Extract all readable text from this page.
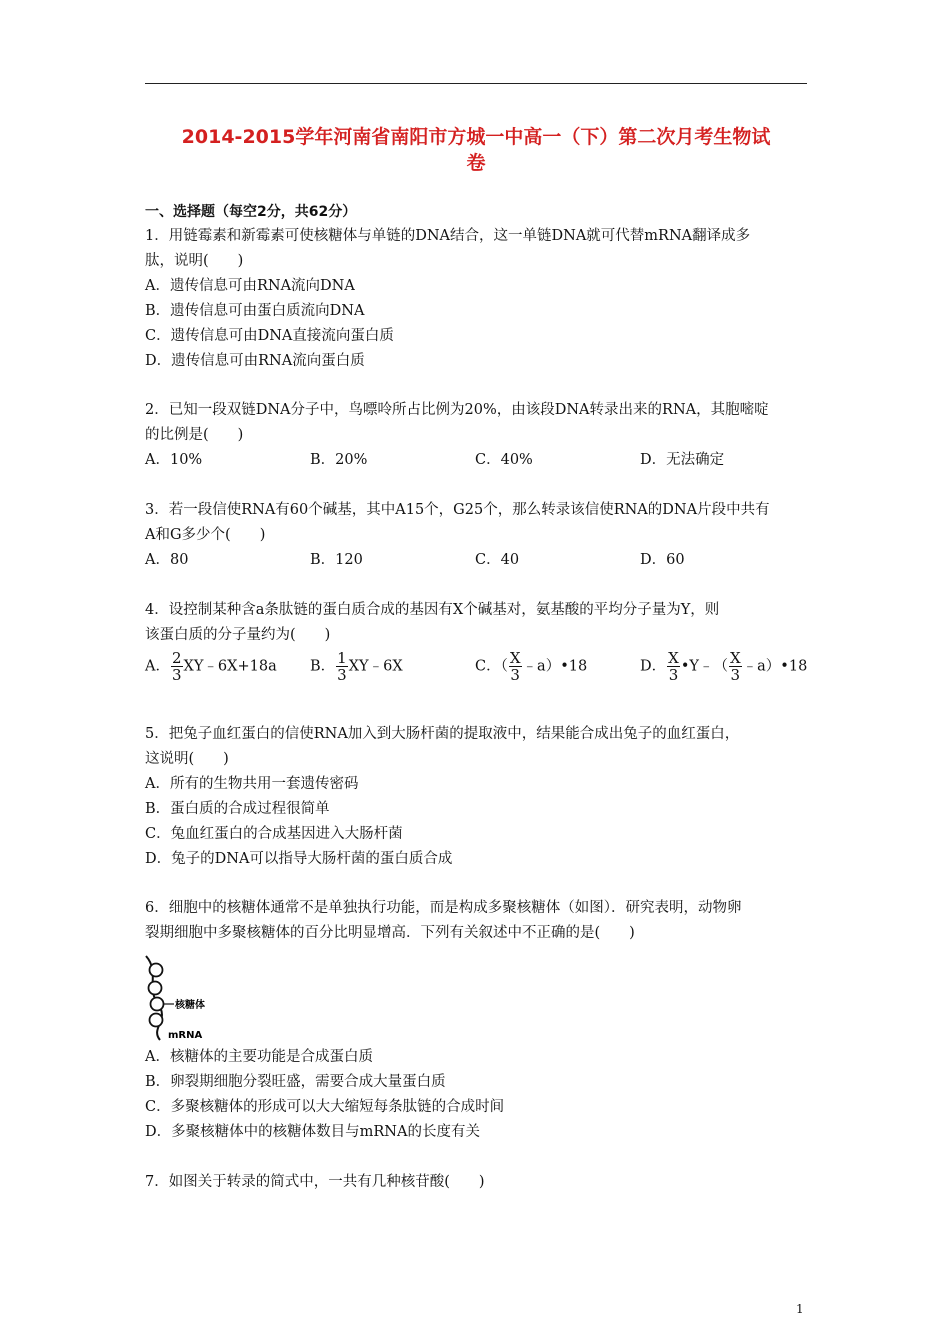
2014-2015学年河南省南阳市方城一中高一（下）第二次月考生物试
卷
一、选择题（每空2分，共62分）
1．用链霉素和新霉素可使核糖体与单链的DNA结合，这一单链DNA就可代替mRNA翻译成多
肽，说明(　　)
A．遗传信息可由RNA流向DNA
B．遗传信息可由蛋白质流向DNA
C．遗传信息可由DNA直接流向蛋白质
D．遗传信息可由RNA流向蛋白质
2．已知一段双链DNA分子中，鸟嘌呤所占比例为20%，由该段DNA转录出来的RNA，其胞嘧啶
的比例是(　　)
A．10%	B．20%	C．40%	D．无法确定
3．若一段信使RNA有60个碱基，其中A15个，G25个，那么转录该信使RNA的DNA片段中共有
A和G多少个(　　)
A．80	B．120	C．40	D．60
4．设控制某种含a条肽链的蛋白质合成的基因有X个碱基对，氨基酸的平均分子量为Y，则
该蛋白质的分子量约为(　　)
A． $\frac{2}{3}$ XY﹣6X+18a B． $\frac{1}{3}$ XY﹣6X	C．（ $\frac{X}{3}$ ﹣a）•18	D． $\frac{X}{3}$ •Y﹣（ $\frac{X}{3}$ ﹣a）•18
5．把兔子血红蛋白的信使RNA加入到大肠杆菌的提取液中，结果能合成出兔子的血红蛋白，
这说明(　　)
A．所有的生物共用一套遗传密码
B．蛋白质的合成过程很简单
C．兔血红蛋白的合成基因进入大肠杆菌
D．兔子的DNA可以指导大肠杆菌的蛋白质合成
6．细胞中的核糖体通常不是单独执行功能，而是构成多聚核糖体（如图）．研究表明，动物卵
裂期细胞中多聚核糖体的百分比明显增高．下列有关叙述中不正确的是(　　)
核糖体
mRNA
A．核糖体的主要功能是合成蛋白质
B．卵裂期细胞分裂旺盛，需要合成大量蛋白质
C．多聚核糖体的形成可以大大缩短每条肽链的合成时间
D．多聚核糖体中的核糖体数目与mRNA的长度有关
7．如图关于转录的简式中，一共有几种核苷酸(　　)
1
